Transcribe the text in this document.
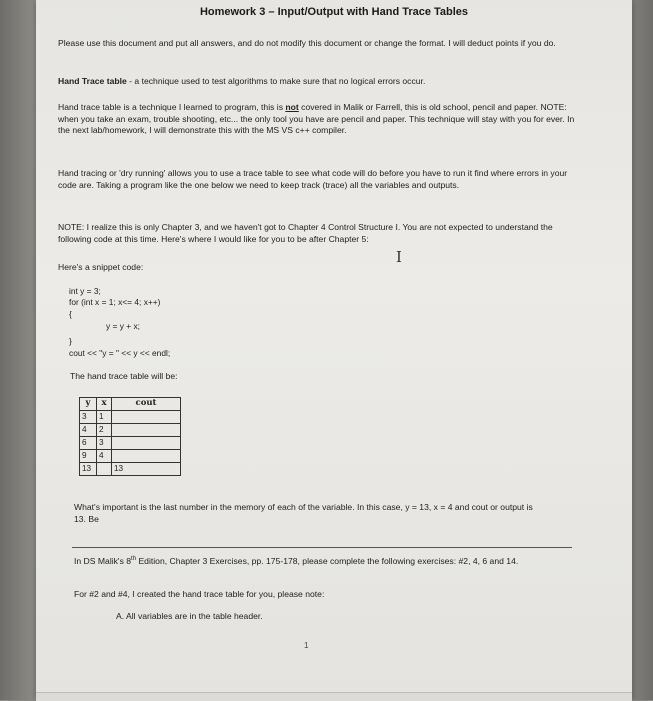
Homework 3 – Input/Output with Hand Trace Tables

Please use this document and put all answers, and do not modify this document or change the format. I will deduct points if you do.

Hand Trace table - a technique used to test algorithms to make sure that no logical errors occur.

Hand trace table is a technique I learned to program, this is not covered in Malik or Farrell, this is old school, pencil and paper. NOTE: when you take an exam, trouble shooting, etc... the only tool you have are pencil and paper. This technique will stay with you for ever. In the next lab/homework, I will demonstrate this with the MS VS c++ compiler.

Hand tracing or 'dry running' allows you to use a trace table to see what code will do before you have to run it find where errors in your code are. Taking a program like the one below we need to keep track (trace) all the variables and outputs.

NOTE: I realize this is only Chapter 3, and we haven't got to Chapter 4 Control Structure I. You are not expected to understand the following code at this time. Here's where I would like for you to be after Chapter 5:

Here's a snippet code:

I
int y = 3;
for (int x = 1; x<= 4; x++)
{
y = y + x;
}
cout << "y = " << y << endl;

The hand trace table will be:

y	x	cout
3	1	
4	2	
6	3	
9	4	
13		13

What's important is the last number in the memory of each of the variable. In this case, y = 13, x = 4 and cout or output is 13. Be

In DS Malik's 8th Edition, Chapter 3 Exercises, pp. 175-178, please complete the following exercises: #2, 4, 6 and 14.

For #2 and #4, I created the hand trace table for you, please note:

A. All variables are in the table header.

1
